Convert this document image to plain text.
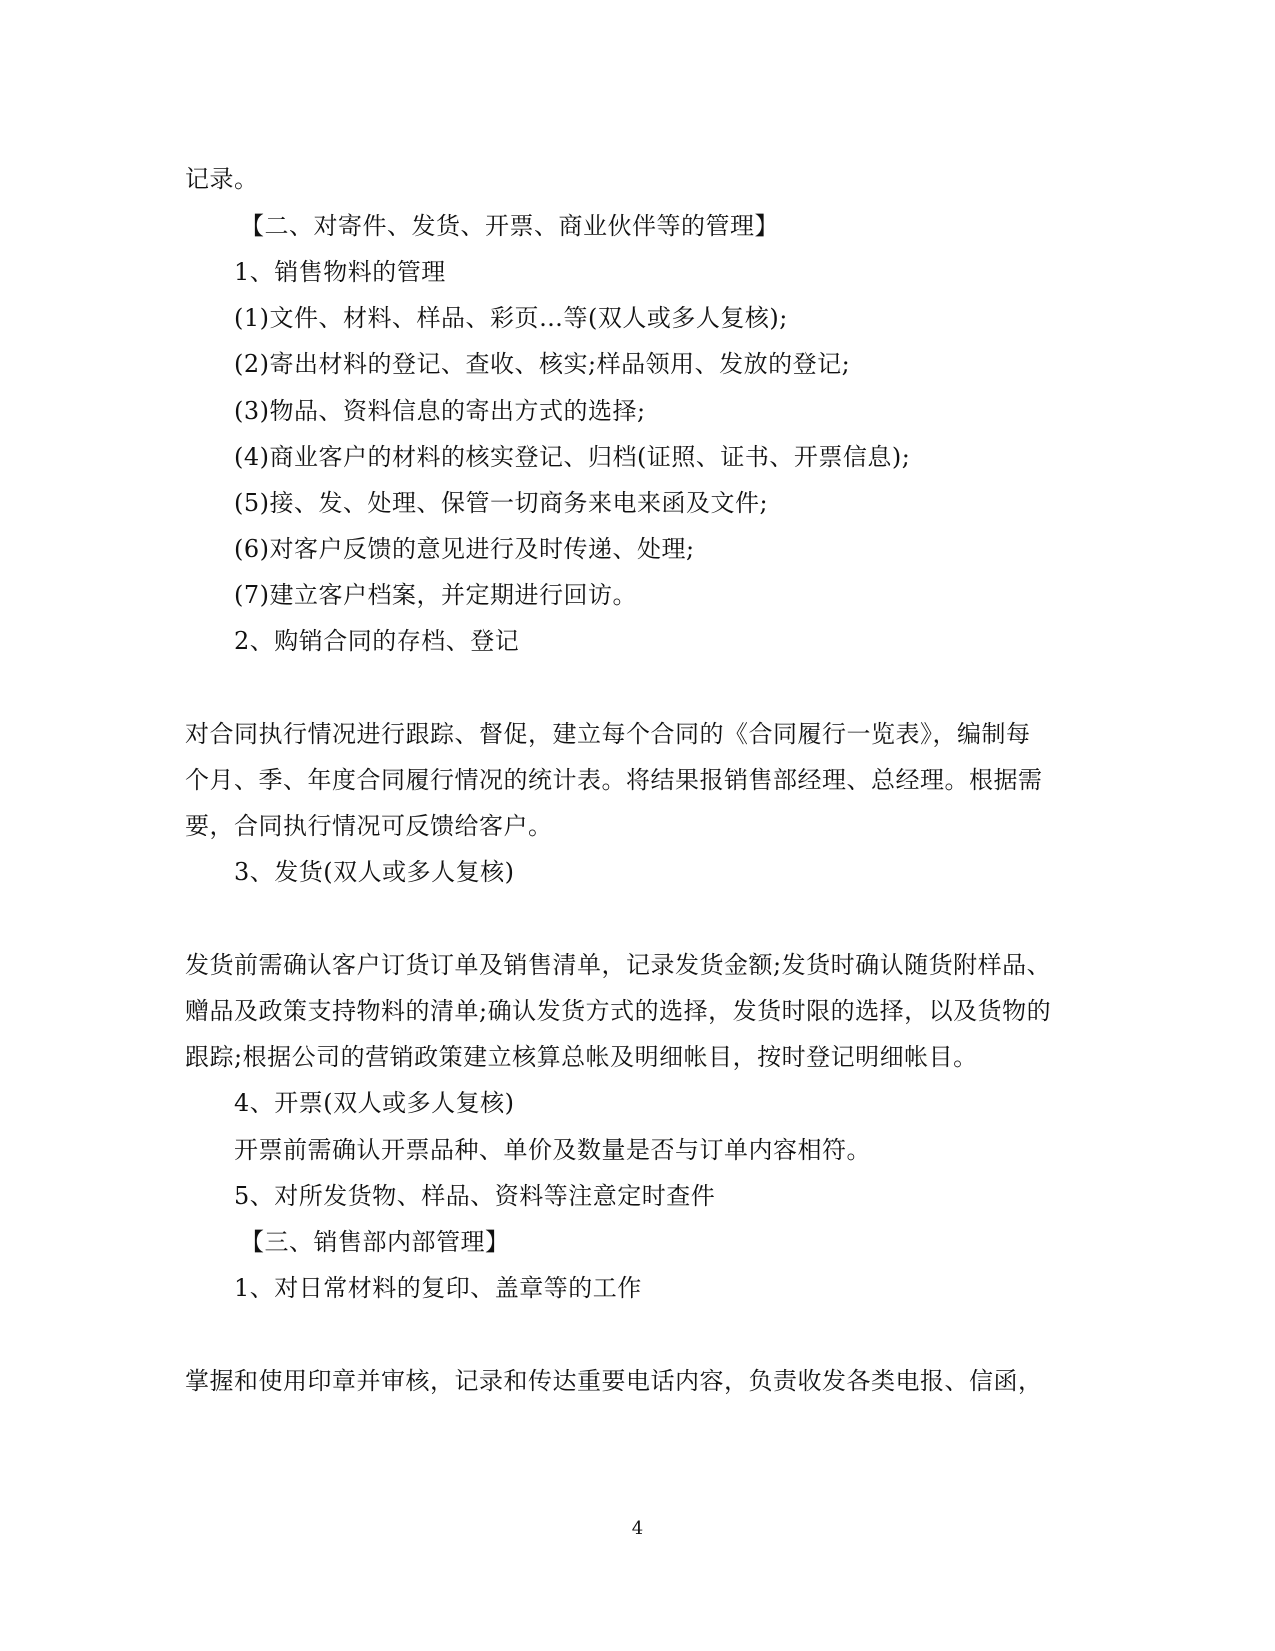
记录。
【二、对寄件、发货、开票、商业伙伴等的管理】
1、销售物料的管理
(1)文件、材料、样品、彩页…等(双人或多人复核);
(2)寄出材料的登记、查收、核实;样品领用、发放的登记;
(3)物品、资料信息的寄出方式的选择;
(4)商业客户的材料的核实登记、归档(证照、证书、开票信息);
(5)接、发、处理、保管一切商务来电来函及文件;
(6)对客户反馈的意见进行及时传递、处理;
(7)建立客户档案，并定期进行回访。
2、购销合同的存档、登记
对合同执行情况进行跟踪、督促，建立每个合同的《合同履行一览表》，编制每
个月、季、年度合同履行情况的统计表。将结果报销售部经理、总经理。根据需
要，合同执行情况可反馈给客户。
3、发货(双人或多人复核)
发货前需确认客户订货订单及销售清单，记录发货金额;发货时确认随货附样品、
赠品及政策支持物料的清单;确认发货方式的选择，发货时限的选择，以及货物的
跟踪;根据公司的营销政策建立核算总帐及明细帐目，按时登记明细帐目。
4、开票(双人或多人复核)
开票前需确认开票品种、单价及数量是否与订单内容相符。
5、对所发货物、样品、资料等注意定时查件
【三、销售部内部管理】
1、对日常材料的复印、盖章等的工作
掌握和使用印章并审核，记录和传达重要电话内容，负责收发各类电报、信函，
4
